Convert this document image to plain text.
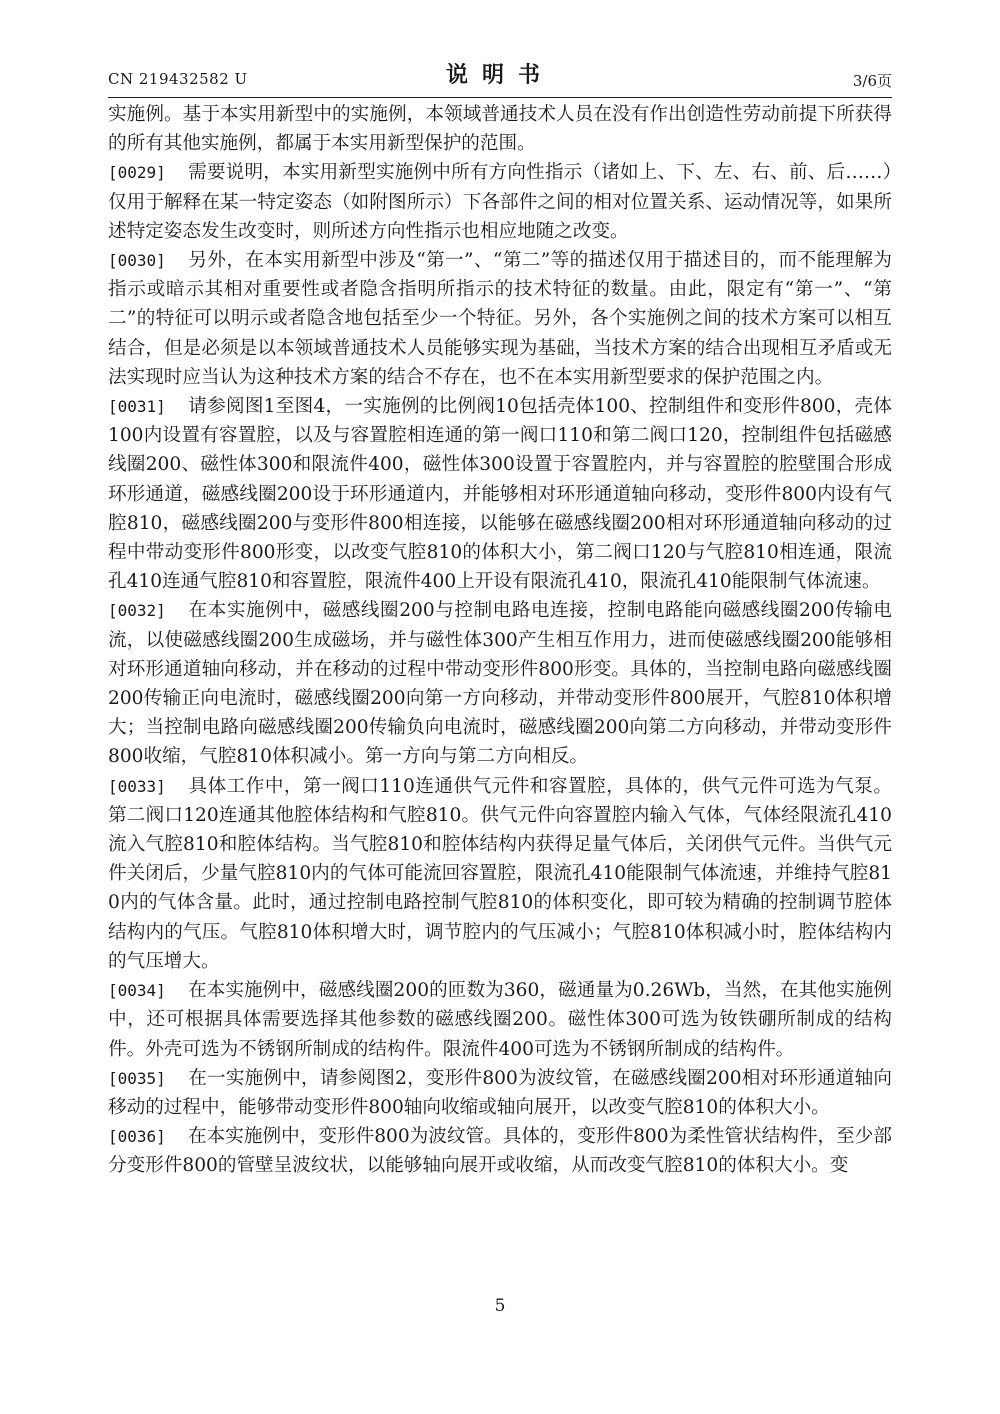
CN 219432582 U	说明书	3/6页

实施例。基于本实用新型中的实施例，本领域普通技术人员在没有作出创造性劳动前提下所获得的所有其他实施例，都属于本实用新型保护的范围。

[0029] 需要说明，本实用新型实施例中所有方向性指示（诸如上、下、左、右、前、后……）仅用于解释在某一特定姿态（如附图所示）下各部件之间的相对位置关系、运动情况等，如果所述特定姿态发生改变时，则所述方向性指示也相应地随之改变。

[0030] 另外，在本实用新型中涉及“第一”、“第二”等的描述仅用于描述目的，而不能理解为指示或暗示其相对重要性或者隐含指明所指示的技术特征的数量。由此，限定有“第一”、“第二”的特征可以明示或者隐含地包括至少一个特征。另外，各个实施例之间的技术方案可以相互结合，但是必须是以本领域普通技术人员能够实现为基础，当技术方案的结合出现相互矛盾或无法实现时应当认为这种技术方案的结合不存在，也不在本实用新型要求的保护范围之内。

[0031] 请参阅图1至图4，一实施例的比例阀10包括壳体100、控制组件和变形件800，壳体100内设置有容置腔，以及与容置腔相连通的第一阀口110和第二阀口120，控制组件包括磁感线圈200、磁性体300和限流件400，磁性体300设置于容置腔内，并与容置腔的腔壁围合形成环形通道，磁感线圈200设于环形通道内，并能够相对环形通道轴向移动，变形件800内设有气腔810，磁感线圈200与变形件800相连接，以能够在磁感线圈200相对环形通道轴向移动的过程中带动变形件800形变，以改变气腔810的体积大小，第二阀口120与气腔810相连通，限流孔410连通气腔810和容置腔，限流件400上开设有限流孔410，限流孔410能限制气体流速。

[0032] 在本实施例中，磁感线圈200与控制电路电连接，控制电路能向磁感线圈200传输电流，以使磁感线圈200生成磁场，并与磁性体300产生相互作用力，进而使磁感线圈200能够相对环形通道轴向移动，并在移动的过程中带动变形件800形变。具体的，当控制电路向磁感线圈200传输正向电流时，磁感线圈200向第一方向移动，并带动变形件800展开，气腔810体积增大；当控制电路向磁感线圈200传输负向电流时，磁感线圈200向第二方向移动，并带动变形件800收缩，气腔810体积减小。第一方向与第二方向相反。

[0033] 具体工作中，第一阀口110连通供气元件和容置腔，具体的，供气元件可选为气泵。第二阀口120连通其他腔体结构和气腔810。供气元件向容置腔内输入气体，气体经限流孔410流入气腔810和腔体结构。当气腔810和腔体结构内获得足量气体后，关闭供气元件。当供气元件关闭后，少量气腔810内的气体可能流回容置腔，限流孔410能限制气体流速，并维持气腔810内的气体含量。此时，通过控制电路控制气腔810的体积变化，即可较为精确的控制调节腔体结构内的气压。气腔810体积增大时，调节腔内的气压减小；气腔810体积减小时，腔体结构内的气压增大。

[0034] 在本实施例中，磁感线圈200的匝数为360，磁通量为0.26Wb，当然，在其他实施例中，还可根据具体需要选择其他参数的磁感线圈200。磁性体300可选为钕铁硼所制成的结构件。外壳可选为不锈钢所制成的结构件。限流件400可选为不锈钢所制成的结构件。

[0035] 在一实施例中，请参阅图2，变形件800为波纹管，在磁感线圈200相对环形通道轴向移动的过程中，能够带动变形件800轴向收缩或轴向展开，以改变气腔810的体积大小。

[0036] 在本实施例中，变形件800为波纹管。具体的，变形件800为柔性管状结构件，至少部分变形件800的管壁呈波纹状，以能够轴向展开或收缩，从而改变气腔810的体积大小。变

5
